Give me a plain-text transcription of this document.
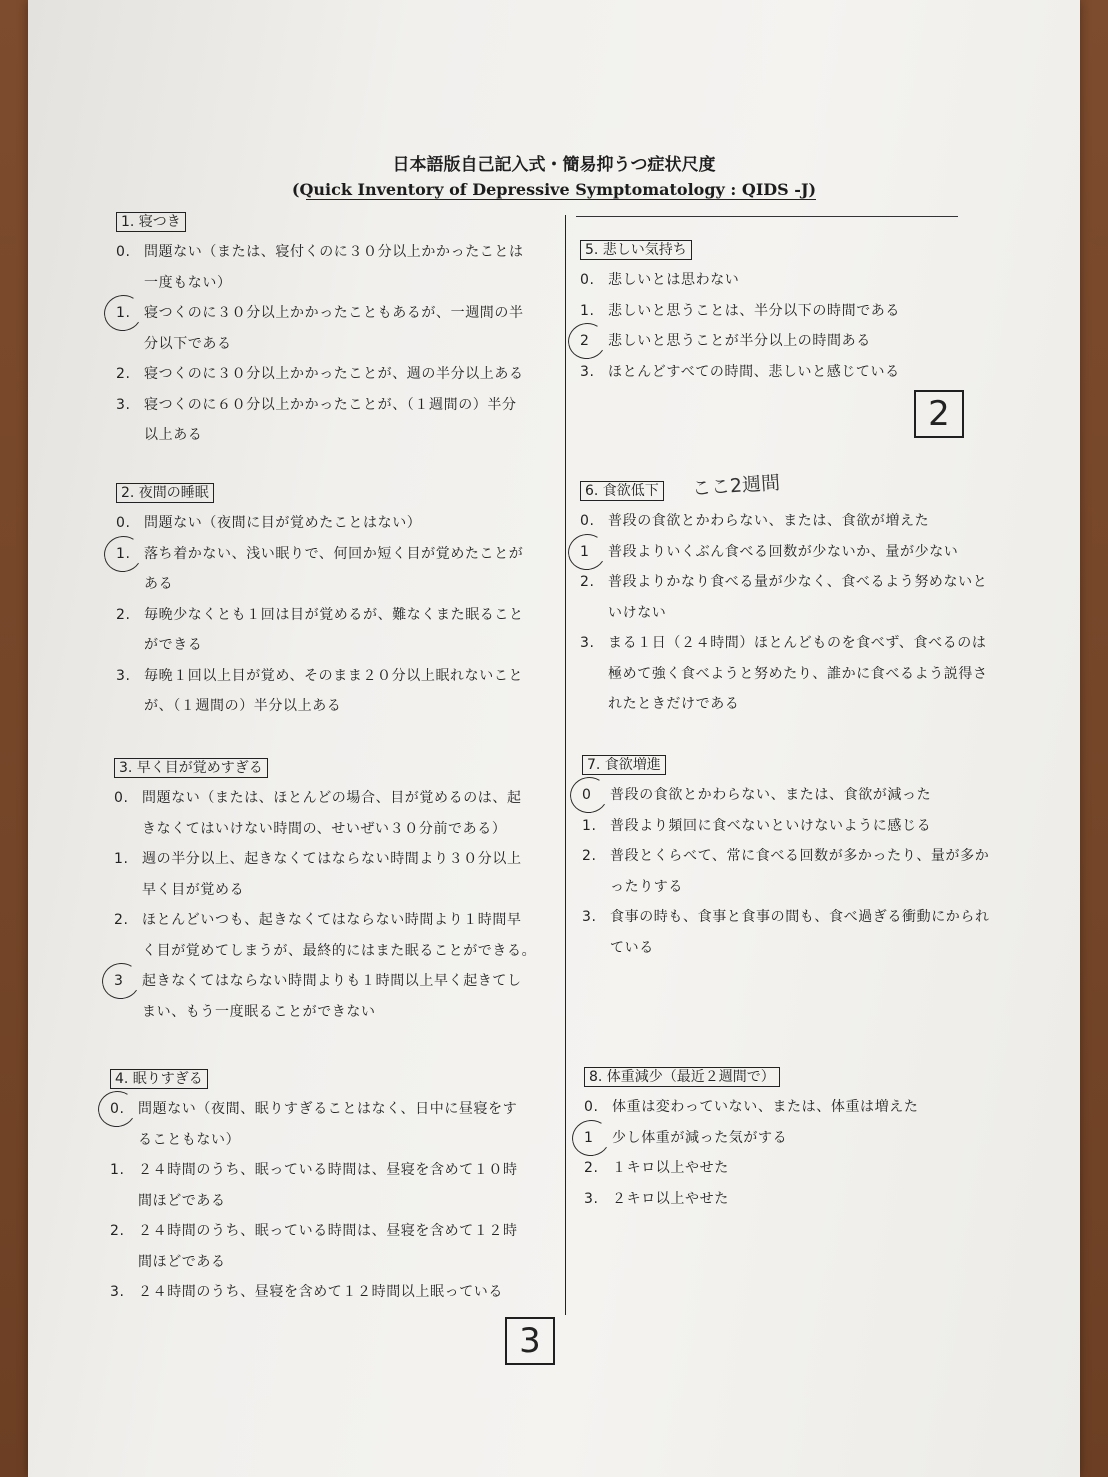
日本語版自己記入式・簡易抑うつ症状尺度
(Quick Inventory of Depressive Symptomatology : QIDS -J)
1. 寝つき
0. 問題ない（または、寝付くのに３０分以上かかったことは
一度もない）
1. 寝つくのに３０分以上かかったこともあるが、一週間の半
分以下である
2. 寝つくのに３０分以上かかったことが、週の半分以上ある
3. 寝つくのに６０分以上かかったことが、（１週間の）半分
以上ある
2. 夜間の睡眠
0. 問題ない（夜間に目が覚めたことはない）
1. 落ち着かない、浅い眠りで、何回か短く目が覚めたことが
ある
2. 毎晩少なくとも１回は目が覚めるが、難なくまた眠ること
ができる
3. 毎晩１回以上目が覚め、そのまま２０分以上眠れないこと
が、（１週間の）半分以上ある
3. 早く目が覚めすぎる
0. 問題ない（または、ほとんどの場合、目が覚めるのは、起
きなくてはいけない時間の、せいぜい３０分前である）
1. 週の半分以上、起きなくてはならない時間より３０分以上
早く目が覚める
2. ほとんどいつも、起きなくてはならない時間より１時間早
く目が覚めてしまうが、最終的にはまた眠ることができる。
3 起きなくてはならない時間よりも１時間以上早く起きてし
まい、もう一度眠ることができない
4. 眠りすぎる
0. 問題ない（夜間、眠りすぎることはなく、日中に昼寝をす
ることもない）
1. ２４時間のうち、眠っている時間は、昼寝を含めて１０時
間ほどである
2. ２４時間のうち、眠っている時間は、昼寝を含めて１２時
間ほどである
3. ２４時間のうち、昼寝を含めて１２時間以上眠っている
5. 悲しい気持ち
0. 悲しいとは思わない
1. 悲しいと思うことは、半分以下の時間である
2 悲しいと思うことが半分以上の時間ある
3. ほとんどすべての時間、悲しいと感じている
6. 食欲低下
0. 普段の食欲とかわらない、または、食欲が増えた
1 普段よりいくぶん食べる回数が少ないか、量が少ない
2. 普段よりかなり食べる量が少なく、食べるよう努めないと
いけない
3. まる１日（２４時間）ほとんどものを食べず、食べるのは
極めて強く食べようと努めたり、誰かに食べるよう説得さ
れたときだけである
7. 食欲増進
0 普段の食欲とかわらない、または、食欲が減った
1. 普段より頻回に食べないといけないように感じる
2. 普段とくらべて、常に食べる回数が多かったり、量が多か
ったりする
3. 食事の時も、食事と食事の間も、食べ過ぎる衝動にかられ
ている
8. 体重減少（最近２週間で）
0. 体重は変わっていない、または、体重は増えた
1 少し体重が減った気がする
2. １キロ以上やせた
3. ２キロ以上やせた
2
3
ここ2週間
